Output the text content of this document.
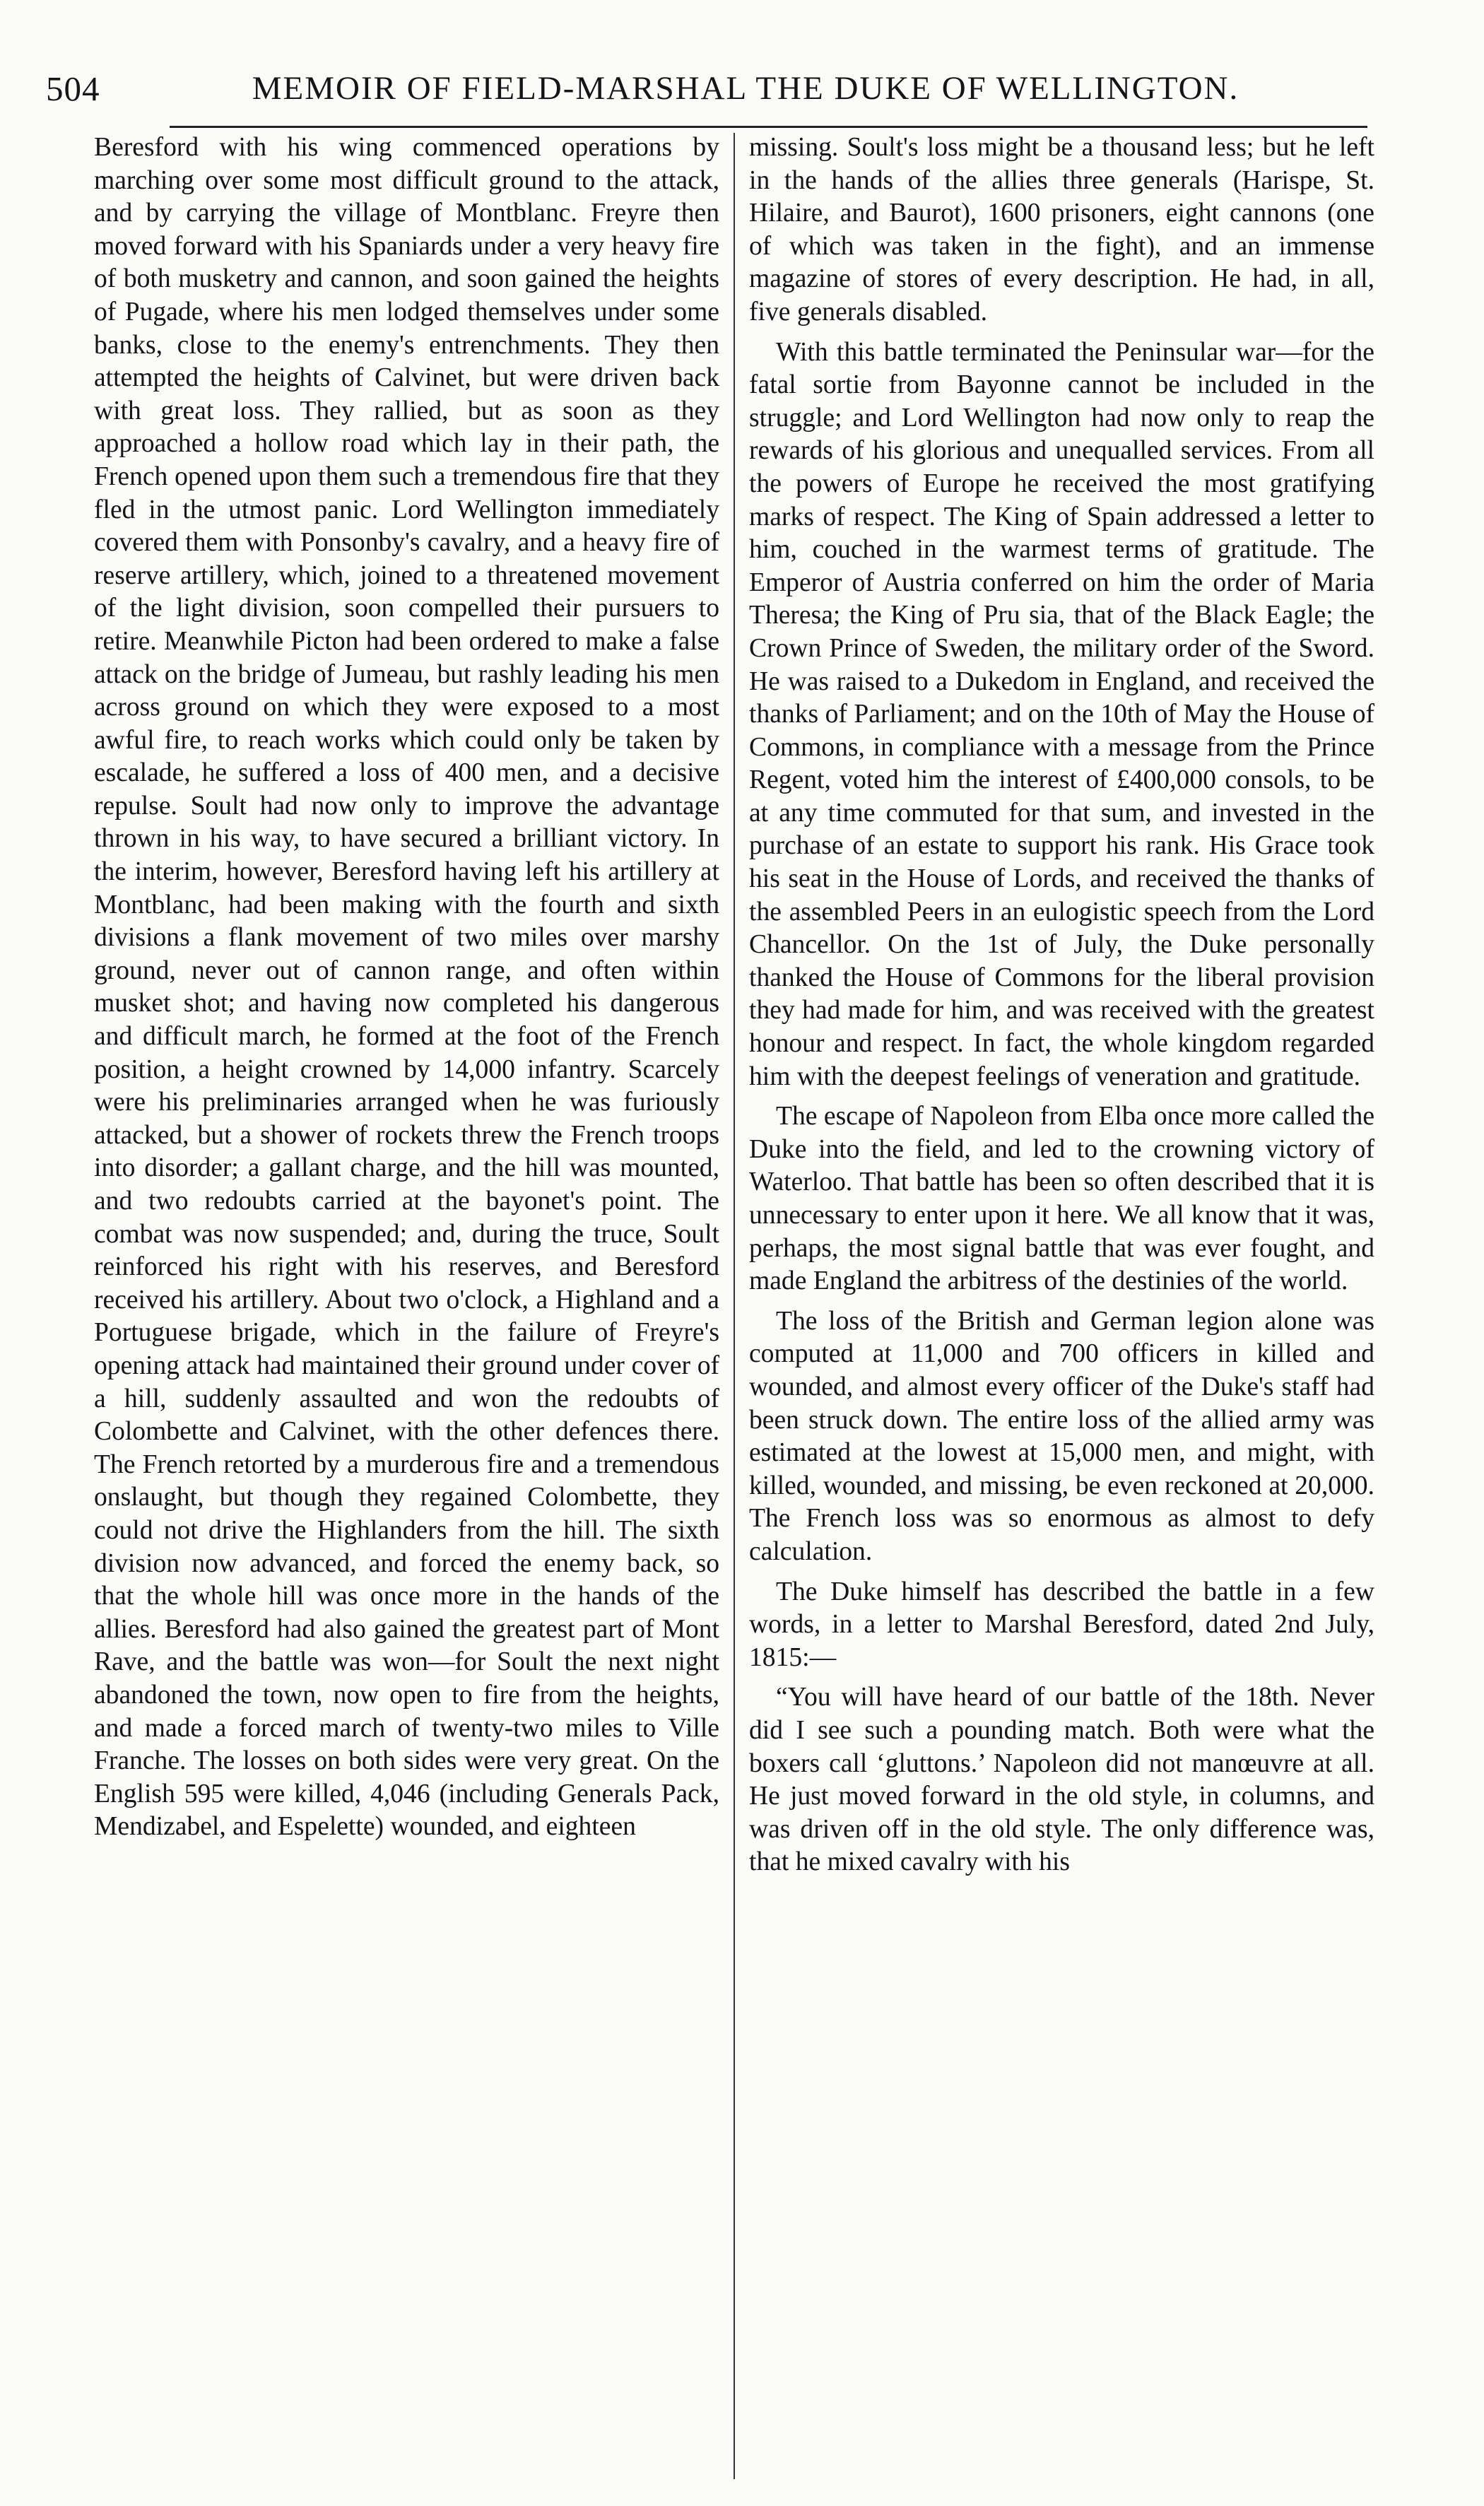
504	MEMOIR OF FIELD-MARSHAL THE DUKE OF WELLINGTON.

Beresford with his wing commenced operations by marching over some most difficult ground to the attack, and by carrying the village of Montblanc. Freyre then moved forward with his Spaniards under a very heavy fire of both musketry and cannon, and soon gained the heights of Pugade, where his men lodged themselves under some banks, close to the enemy's entrenchments. They then attempted the heights of Calvinet, but were driven back with great loss. They rallied, but as soon as they approached a hollow road which lay in their path, the French opened upon them such a tremendous fire that they fled in the utmost panic. Lord Wellington immediately covered them with Ponsonby's cavalry, and a heavy fire of reserve artillery, which, joined to a threatened movement of the light division, soon compelled their pursuers to retire. Meanwhile Picton had been ordered to make a false attack on the bridge of Jumeau, but rashly leading his men across ground on which they were exposed to a most awful fire, to reach works which could only be taken by escalade, he suffered a loss of 400 men, and a decisive repulse. Soult had now only to improve the advantage thrown in his way, to have secured a brilliant victory. In the interim, however, Beresford having left his artillery at Montblanc, had been making with the fourth and sixth divisions a flank movement of two miles over marshy ground, never out of cannon range, and often within musket shot; and having now completed his dangerous and difficult march, he formed at the foot of the French position, a height crowned by 14,000 infantry. Scarcely were his preliminaries arranged when he was furiously attacked, but a shower of rockets threw the French troops into disorder; a gallant charge, and the hill was mounted, and two redoubts carried at the bayonet's point. The combat was now suspended; and, during the truce, Soult reinforced his right with his reserves, and Beresford received his artillery. About two o'clock, a Highland and a Portuguese brigade, which in the failure of Freyre's opening attack had maintained their ground under cover of a hill, suddenly assaulted and won the redoubts of Colombette and Calvinet, with the other defences there. The French retorted by a murderous fire and a tremendous onslaught, but though they regained Colombette, they could not drive the Highlanders from the hill. The sixth division now advanced, and forced the enemy back, so that the whole hill was once more in the hands of the allies. Beresford had also gained the greatest part of Mont Rave, and the battle was won—for Soult the next night abandoned the town, now open to fire from the heights, and made a forced march of twenty-two miles to Ville Franche. The losses on both sides were very great. On the English 595 were killed, 4,046 (including Generals Pack, Mendizabel, and Espelette) wounded, and eighteen

missing. Soult's loss might be a thousand less; but he left in the hands of the allies three generals (Harispe, St. Hilaire, and Baurot), 1600 prisoners, eight cannons (one of which was taken in the fight), and an immense magazine of stores of every description. He had, in all, five generals disabled.

With this battle terminated the Peninsular war—for the fatal sortie from Bayonne cannot be included in the struggle; and Lord Wellington had now only to reap the rewards of his glorious and unequalled services. From all the powers of Europe he received the most gratifying marks of respect. The King of Spain addressed a letter to him, couched in the warmest terms of gratitude. The Emperor of Austria conferred on him the order of Maria Theresa; the King of Pru sia, that of the Black Eagle; the Crown Prince of Sweden, the military order of the Sword. He was raised to a Dukedom in England, and received the thanks of Parliament; and on the 10th of May the House of Commons, in compliance with a message from the Prince Regent, voted him the interest of £400,000 consols, to be at any time commuted for that sum, and invested in the purchase of an estate to support his rank. His Grace took his seat in the House of Lords, and received the thanks of the assembled Peers in an eulogistic speech from the Lord Chancellor. On the 1st of July, the Duke personally thanked the House of Commons for the liberal provision they had made for him, and was received with the greatest honour and respect. In fact, the whole kingdom regarded him with the deepest feelings of veneration and gratitude.

The escape of Napoleon from Elba once more called the Duke into the field, and led to the crowning victory of Waterloo. That battle has been so often described that it is unnecessary to enter upon it here. We all know that it was, perhaps, the most signal battle that was ever fought, and made England the arbitress of the destinies of the world.

The loss of the British and German legion alone was computed at 11,000 and 700 officers in killed and wounded, and almost every officer of the Duke's staff had been struck down. The entire loss of the allied army was estimated at the lowest at 15,000 men, and might, with killed, wounded, and missing, be even reckoned at 20,000. The French loss was so enormous as almost to defy calculation.

The Duke himself has described the battle in a few words, in a letter to Marshal Beresford, dated 2nd July, 1815:—

“You will have heard of our battle of the 18th. Never did I see such a pounding match. Both were what the boxers call ‘gluttons.’ Napoleon did not manœuvre at all. He just moved forward in the old style, in columns, and was driven off in the old style. The only difference was, that he mixed cavalry with his
